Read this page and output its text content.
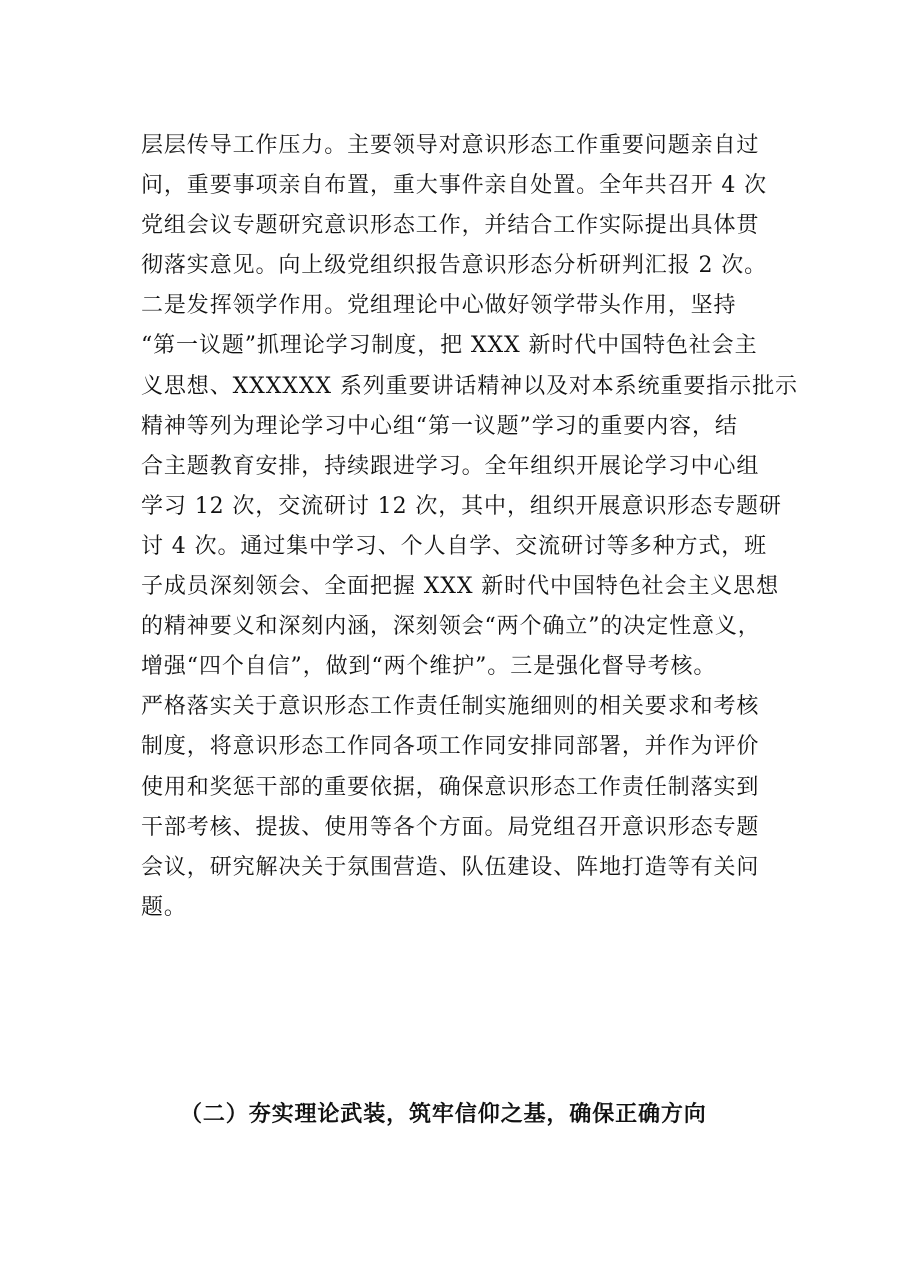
层层传导工作压力。主要领导对意识形态工作重要问题亲自过
问，重要事项亲自布置，重大事件亲自处置。全年共召开 4 次
党组会议专题研究意识形态工作，并结合工作实际提出具体贯
彻落实意见。向上级党组织报告意识形态分析研判汇报 2 次。
二是发挥领学作用。党组理论中心做好领学带头作用，坚持
“第一议题”抓理论学习制度，把 XXX 新时代中国特色社会主
义思想、XXXXXX 系列重要讲话精神以及对本系统重要指示批示
精神等列为理论学习中心组“第一议题”学习的重要内容，结
合主题教育安排，持续跟进学习。全年组织开展论学习中心组
学习 12 次，交流研讨 12 次，其中，组织开展意识形态专题研
讨 4 次。通过集中学习、个人自学、交流研讨等多种方式，班
子成员深刻领会、全面把握 XXX 新时代中国特色社会主义思想
的精神要义和深刻内涵，深刻领会“两个确立”的决定性意义，
增强“四个自信”，做到“两个维护”。三是强化督导考核。
严格落实关于意识形态工作责任制实施细则的相关要求和考核
制度，将意识形态工作同各项工作同安排同部署，并作为评价
使用和奖惩干部的重要依据，确保意识形态工作责任制落实到
干部考核、提拔、使用等各个方面。局党组召开意识形态专题
会议，研究解决关于氛围营造、队伍建设、阵地打造等有关问
题。
（二）夯实理论武装，筑牢信仰之基，确保正确方向
